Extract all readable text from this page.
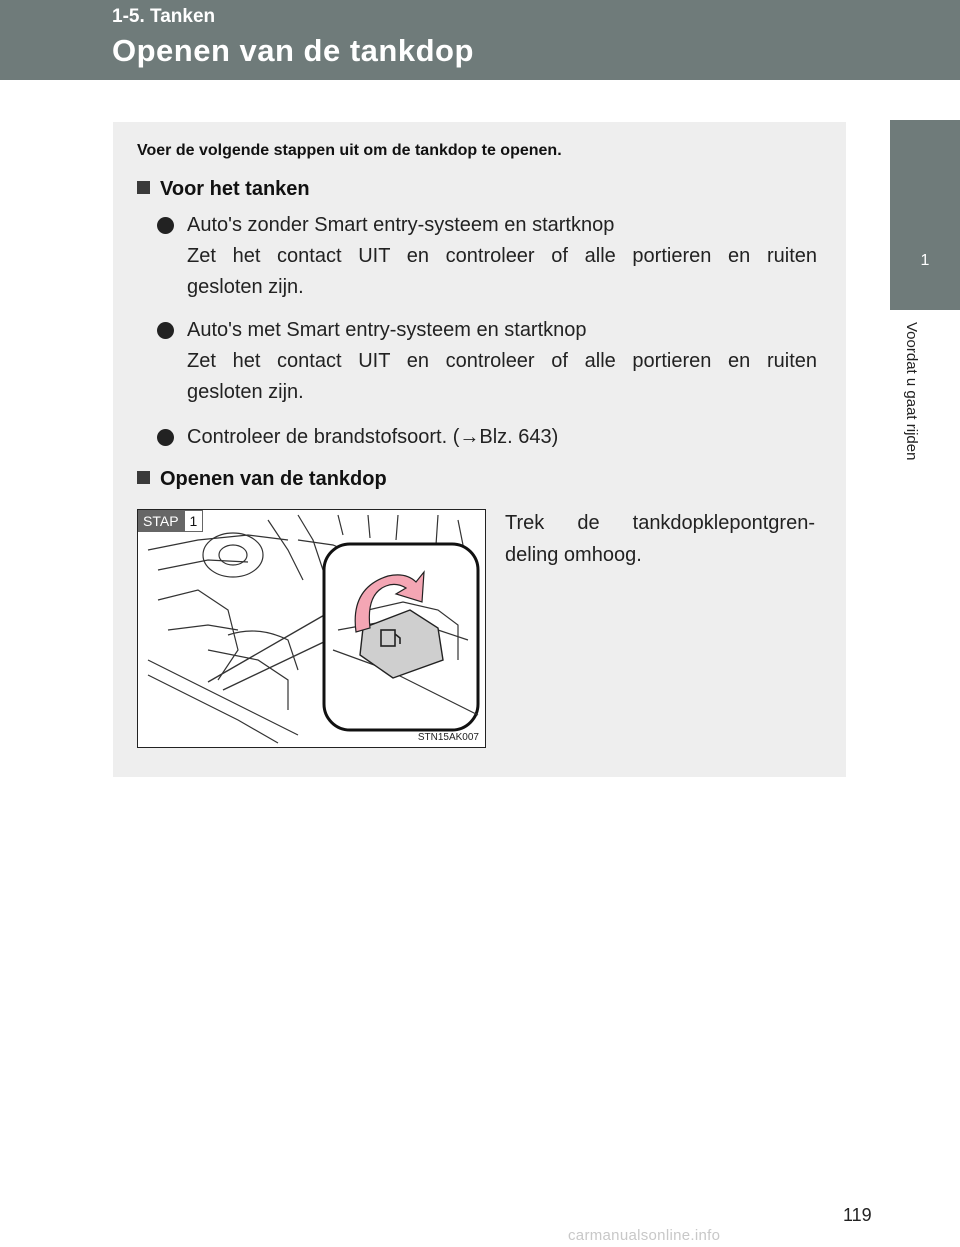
1-5. Tanken
Openen van de tankdop
1
Voordat u gaat rijden
Voer de volgende stappen uit om de tankdop te openen.
Voor het tanken
Auto's zonder Smart entry-systeem en startknop
Zet het contact UIT en controleer of alle portieren en ruiten
gesloten zijn.
Auto's met Smart entry-systeem en startknop
Zet het contact UIT en controleer of alle portieren en ruiten
gesloten zijn.
Controleer de brandstofsoort. (→Blz. 643)
Openen van de tankdop
STAP 1
STN15AK007
Trek de tankdopklepontgren-
deling omhoog.
119
carmanualsonline.info
